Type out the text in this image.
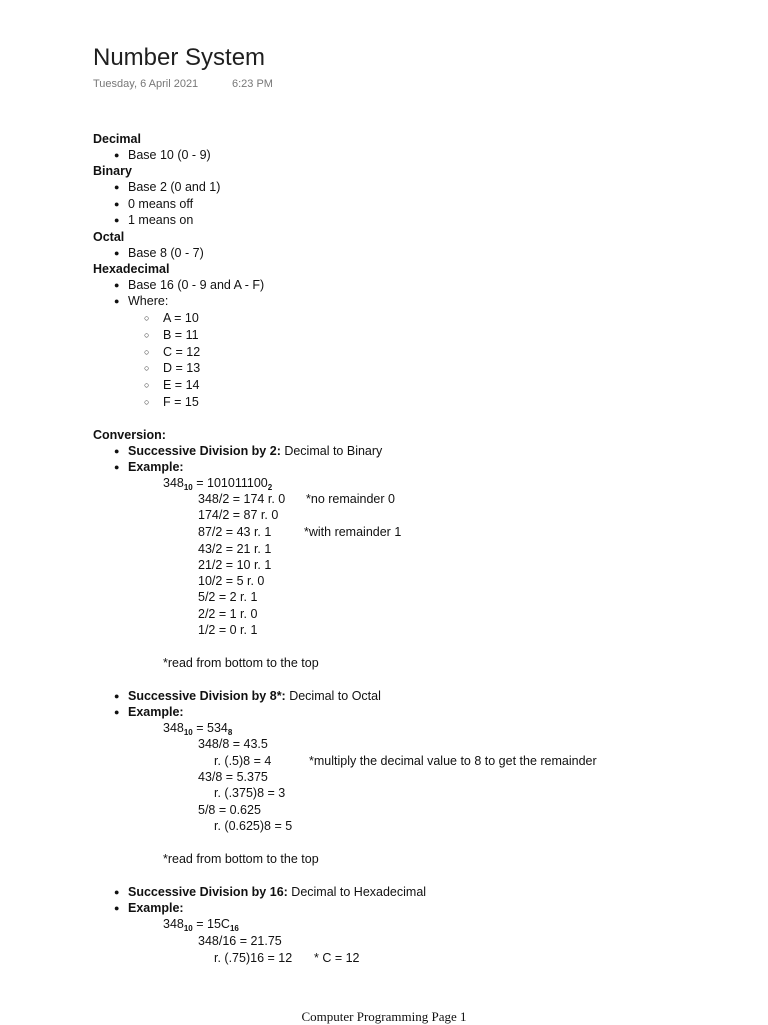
Number System
Tuesday, 6 April 2021	6:23 PM
Decimal
● Base 10 (0 - 9)
Binary
● Base 2 (0 and 1)
● 0 means off
● 1 means on
Octal
● Base 8 (0 - 7)
Hexadecimal
● Base 16 (0 - 9 and A - F)
● Where:
○ A = 10
○ B = 11
○ C = 12
○ D = 13
○ E = 14
○ F = 15
Conversion:
● Successive Division by 2: Decimal to Binary
● Example:
$348_{10} = 101011100_2$
348/2 = 174 r. 0 *no remainder 0
174/2 = 87 r. 0
87/2 = 43 r. 1	*with remainder 1
43/2 = 21 r. 1
21/2 = 10 r. 1
10/2 = 5 r. 0
5/2 = 2 r. 1
2/2 = 1 r. 0
1/2 = 0 r. 1
*read from bottom to the top
● Successive Division by 8*: Decimal to Octal
● Example:
$348_{10} = 534_8$
348/8 = 43.5
r. (.5)8 = 4	*multiply the decimal value to 8 to get the remainder
43/8 = 5.375
r. (.375)8 = 3
5/8 = 0.625
r. (0.625)8 = 5
*read from bottom to the top
● Successive Division by 16: Decimal to Hexadecimal
● Example:
$348_{10} = 15C_{16}$
348/16 = 21.75
r. (.75)16 = 12 * C = 12
Computer Programming Page 1
